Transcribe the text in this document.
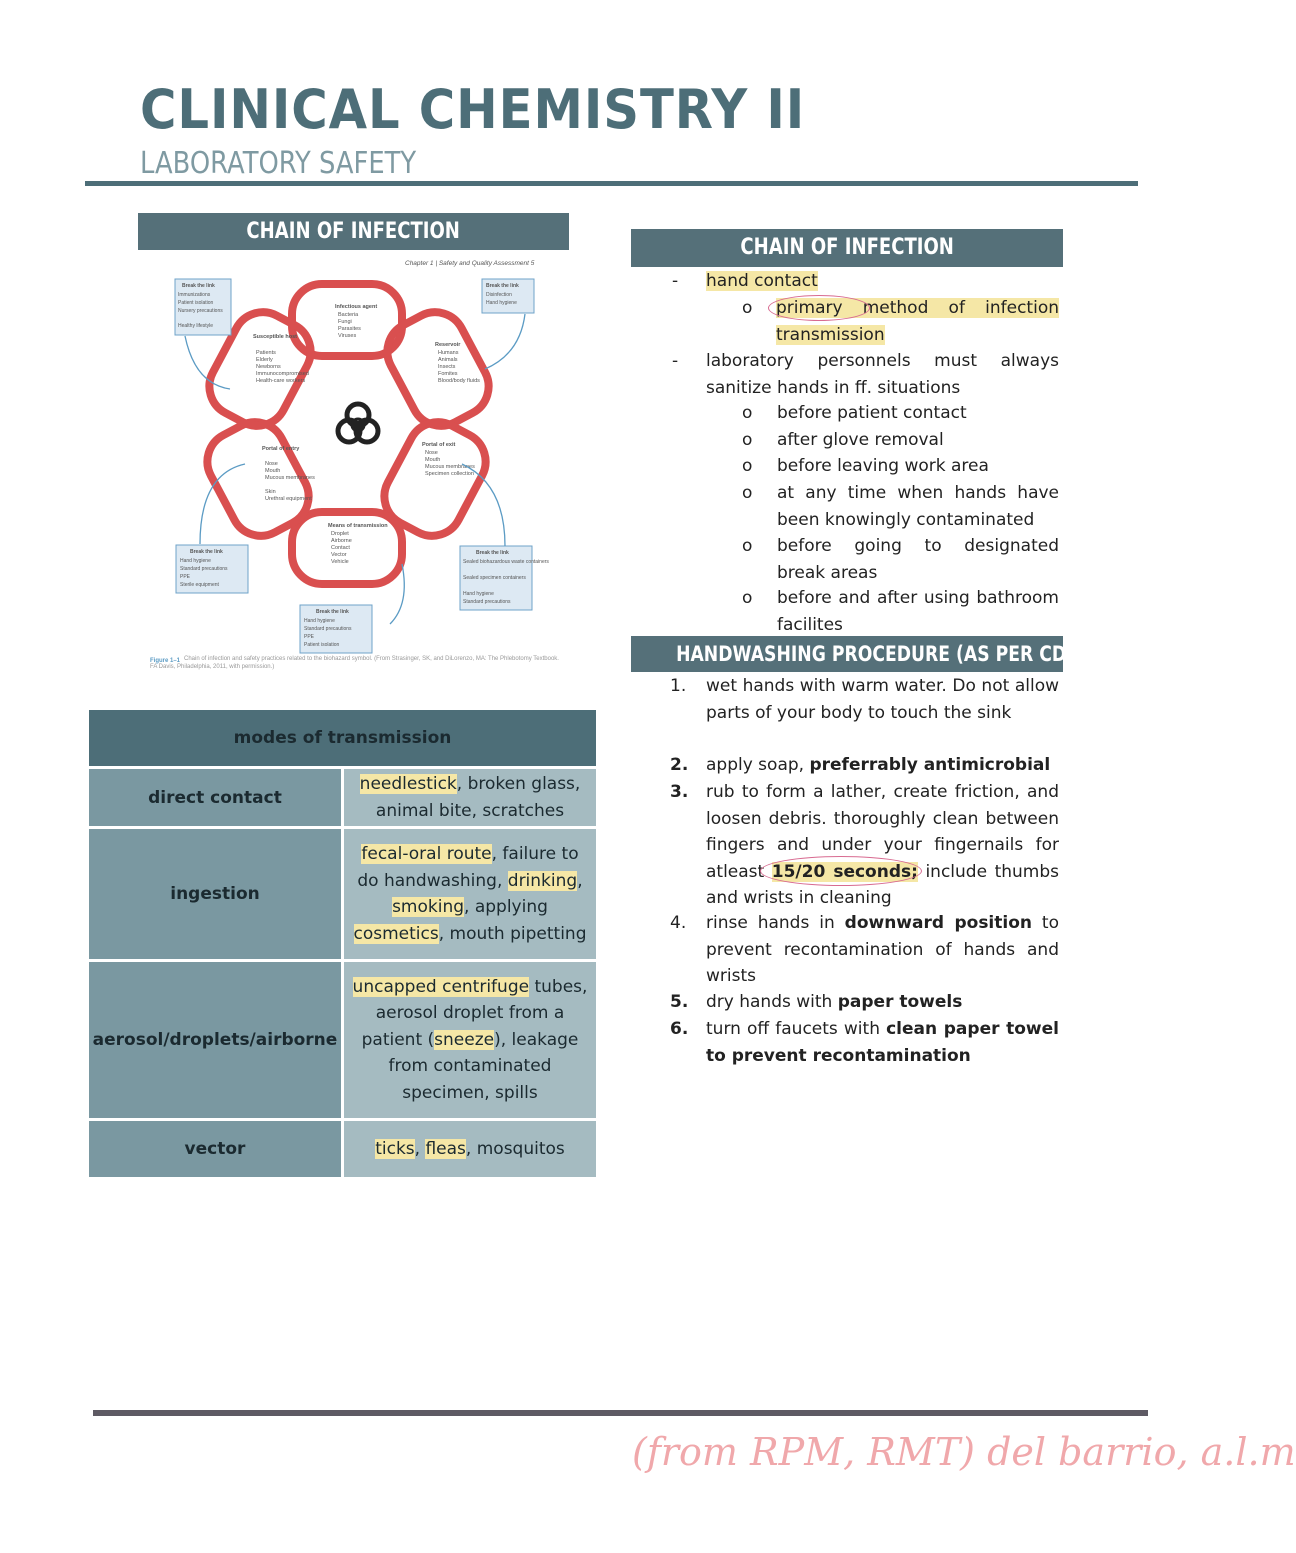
CLINICAL CHEMISTRY II
LABORATORY SAFETY
CHAIN OF INFECTION
Chapter 1 | Safety and Quality Assessment 5
Infectious agent
Bacteria
Fungi
Parasites
Viruses
Reservoir
Humans
Animals
Insects
Fomites
Blood/body fluids
Portal of exit
Nose
Mouth
Mucous membranes
Specimen collection
Means of transmission
Droplet
Airborne
Contact
Vector
Vehicle
Portal of entry
Nose
Mouth
Mucous membranes
Skin
Urethral equipment
Susceptible host
Patients
Elderly
Newborns
Immunocompromised
Health-care workers
Break the link
Immunizations
Patient isolation
Nursery precautions
Healthy lifestyle
Break the link
Disinfection
Hand hygiene
Break the link
Sealed biohazardous waste containers
Sealed specimen containers
Hand hygiene
Standard precautions
Break the link
Hand hygiene
Standard precautions
PPE
Patient isolation
Break the link
Hand hygiene
Standard precautions
PPE
Sterile equipment
Figure 1–1 Chain of infection and safety practices related to the biohazard symbol. (From Strasinger, SK, and DiLorenzo, MA: The Phlebotomy Textbook. FA Davis, Philadelphia, 2011, with permission.)
modes of transmission	
direct contact	needlestick, broken glass, animal bite, scratches
ingestion	fecal-oral route, failure to do handwashing, drinking, smoking, applying cosmetics, mouth pipetting
aerosol/droplets/airborne	uncapped centrifuge tubes, aerosol droplet from a patient (sneeze), leakage from contaminated specimen, spills
vector	ticks, fleas, mosquitos
CHAIN OF INFECTION
- hand contact
o primary method of infection transmission
- laboratory personnels must always sanitize hands in ff. situations
o before patient contact
o after glove removal
o before leaving work area
o at any time when hands have been knowingly contaminated
o before going to designated break areas
o before and after using bathroom facilites
HANDWASHING PROCEDURE (AS PER CDC)
1. wet hands with warm water. Do not allow parts of your body to touch the sink
2. apply soap, preferrably antimicrobial
3. rub to form a lather, create friction, and loosen debris. thoroughly clean between fingers and under your fingernails for atleast 15/20 seconds; include thumbs and wrists in cleaning
4. rinse hands in downward position to prevent recontamination of hands and wrists
5. dry hands with paper towels
6. turn off faucets with clean paper towel to prevent recontamination
(from RPM, RMT) del barrio, a.l.m
